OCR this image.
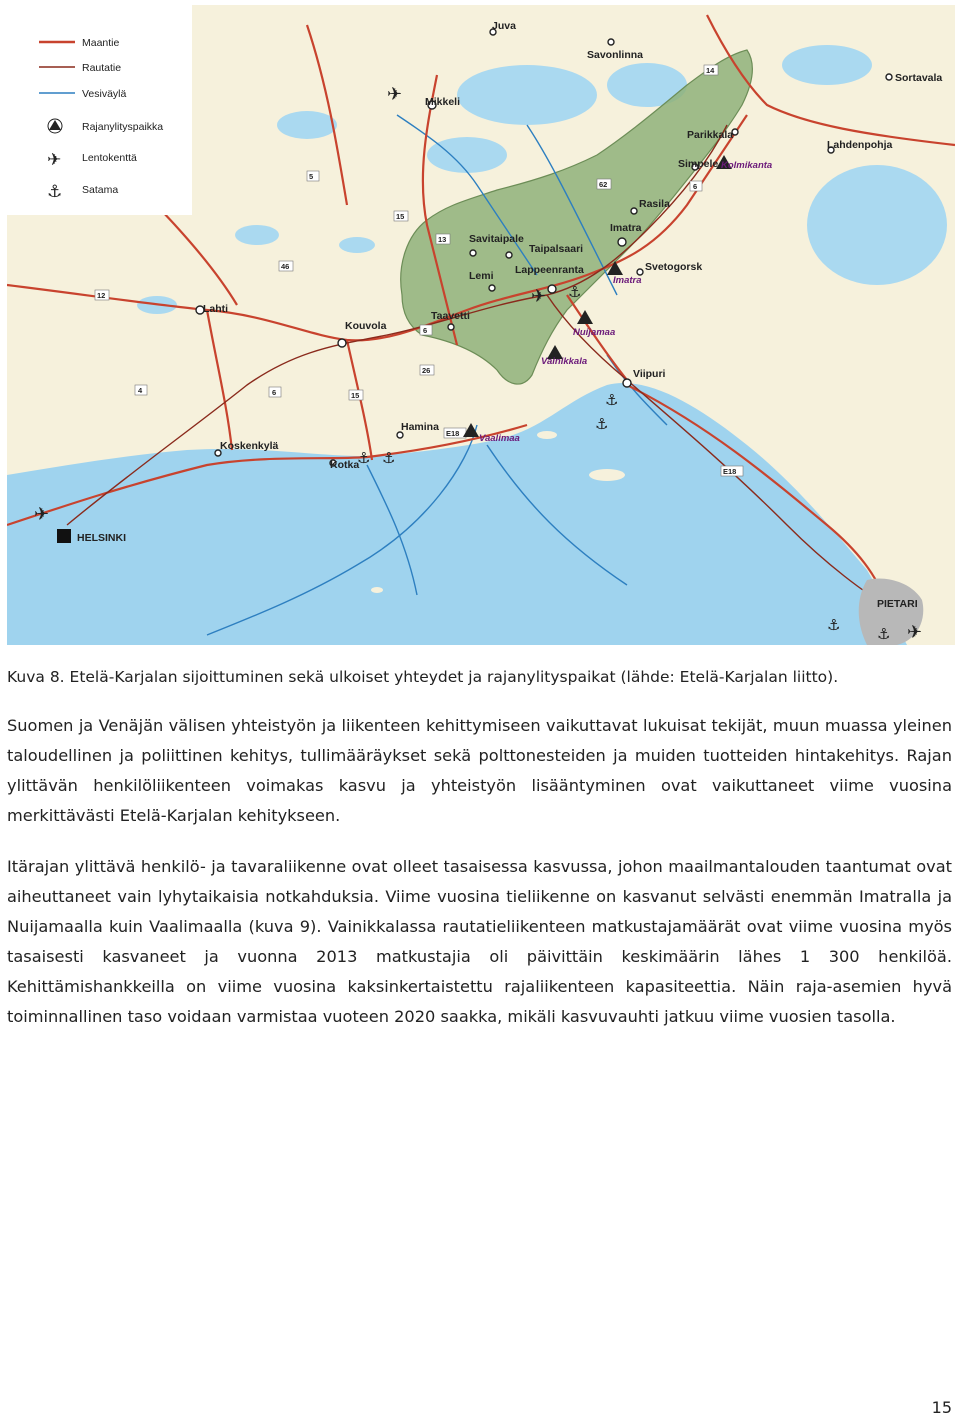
Maantie
Rautatie
Vesiväylä
Rajanylityspaikka
✈ Lentokenttä
⚓ Satama
5
14
62	6
13
15
46
12
6
26
15
4	6
E18
E18
✈
✈
✈
✈
⚓
⚓
⚓
⚓
⚓
⚓ ⚓
Juva
Savonlinna
Sortavala
Mikkeli
Parikkala
Lahdenpohja
Simpele
Rasila
Imatra
Savitaipale
Taipalsaari
Svetogorsk
Lemi Lappeenranta
Lahti
Taavetti
Kouvola
Viipuri
Hamina
Koskenkylä
Kotka
HELSINKI
PIETARI
Kolmikanta
Imatra
Nuijamaa
Vainikkala
Vaalimaa
Kuva 8. Etelä-Karjalan sijoittuminen sekä ulkoiset yhteydet ja rajanylityspaikat (lähde: Etelä-Karjalan liitto).
Suomen ja Venäjän välisen yhteistyön ja liikenteen kehittymiseen vaikuttavat lukuisat tekijät, muun muassa yleinen taloudellinen ja poliittinen kehitys, tullimääräykset sekä polttonesteiden ja muiden tuotteiden hintakehitys. Rajan ylittävän henkilöliikenteen voimakas kasvu ja yhteistyön lisääntyminen ovat vaikuttaneet viime vuosina merkittävästi Etelä-Karjalan kehitykseen.
Itärajan ylittävä henkilö- ja tavaraliikenne ovat olleet tasaisessa kasvussa, johon maailmantalouden taantumat ovat aiheuttaneet vain lyhytaikaisia notkahduksia. Viime vuosina tieliikenne on kasvanut selvästi enemmän Imatralla ja Nuijamaalla kuin Vaalimaalla (kuva 9). Vainikkalassa rautatieliikenteen matkustajamäärät ovat viime vuosina myös tasaisesti kasvaneet ja vuonna 2013 matkustajia oli päivittäin keskimäärin lähes 1 300 henkilöä. Kehittämishankkeilla on viime vuosina kaksinkertaistettu rajaliikenteen kapasiteettia. Näin raja-asemien hyvä toiminnallinen taso voidaan varmistaa vuoteen 2020 saakka, mikäli kasvuvauhti jatkuu viime vuosien tasolla.
15
